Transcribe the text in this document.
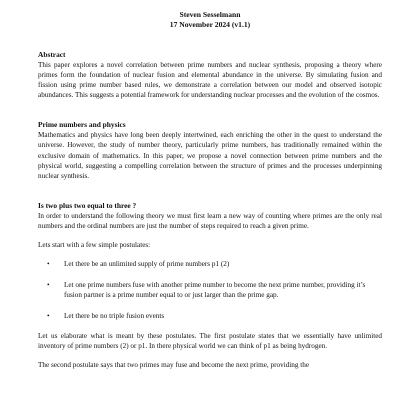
Steven Sesselmann

17 November 2024 (v1.1)

Abstract

This paper explores a novel correlation between prime numbers and nuclear synthesis, proposing a theory where primes form the foundation of nuclear fusion and elemental abundance in the universe. By simulating fusion and fission using prime number based rules, we demonstrate a correlation between our model and observed isotopic abundances. This suggests a potential framework for understanding nuclear processes and the evolution of the cosmos.

Prime numbers and physics

Mathematics and physics have long been deeply intertwined, each enriching the other in the quest to understand the universe. However, the study of number theory, particularly prime numbers, has traditionally remained within the exclusive domain of mathematics. In this paper, we propose a novel connection between prime numbers and the physical world, suggesting a compelling correlation between the structure of primes and the processes underpinning nuclear synthesis.

Is two plus two equal to three ?

In order to understand the following theory we must first learn a new way of counting where primes are the only real numbers and the ordinal numbers are just the number of steps required to reach a given prime.

Lets start with a few simple postulates:

• Let there be an unlimited supply of prime numbers p1 (2)
• Let one prime numbers fuse with another prime number to become the next prime number, providing it’s fusion partner is a prime number equal to or just larger than the prime gap.
• Let there be no triple fusion events

Let us elaborate what is meant by these postulates. The first postulate states that we essentially have unlimited inventory of prime numbers (2) or p1. In there physical world we can think of p1 as being hydrogen.

The second postulate says that two primes may fuse and become the next prime, providing the
